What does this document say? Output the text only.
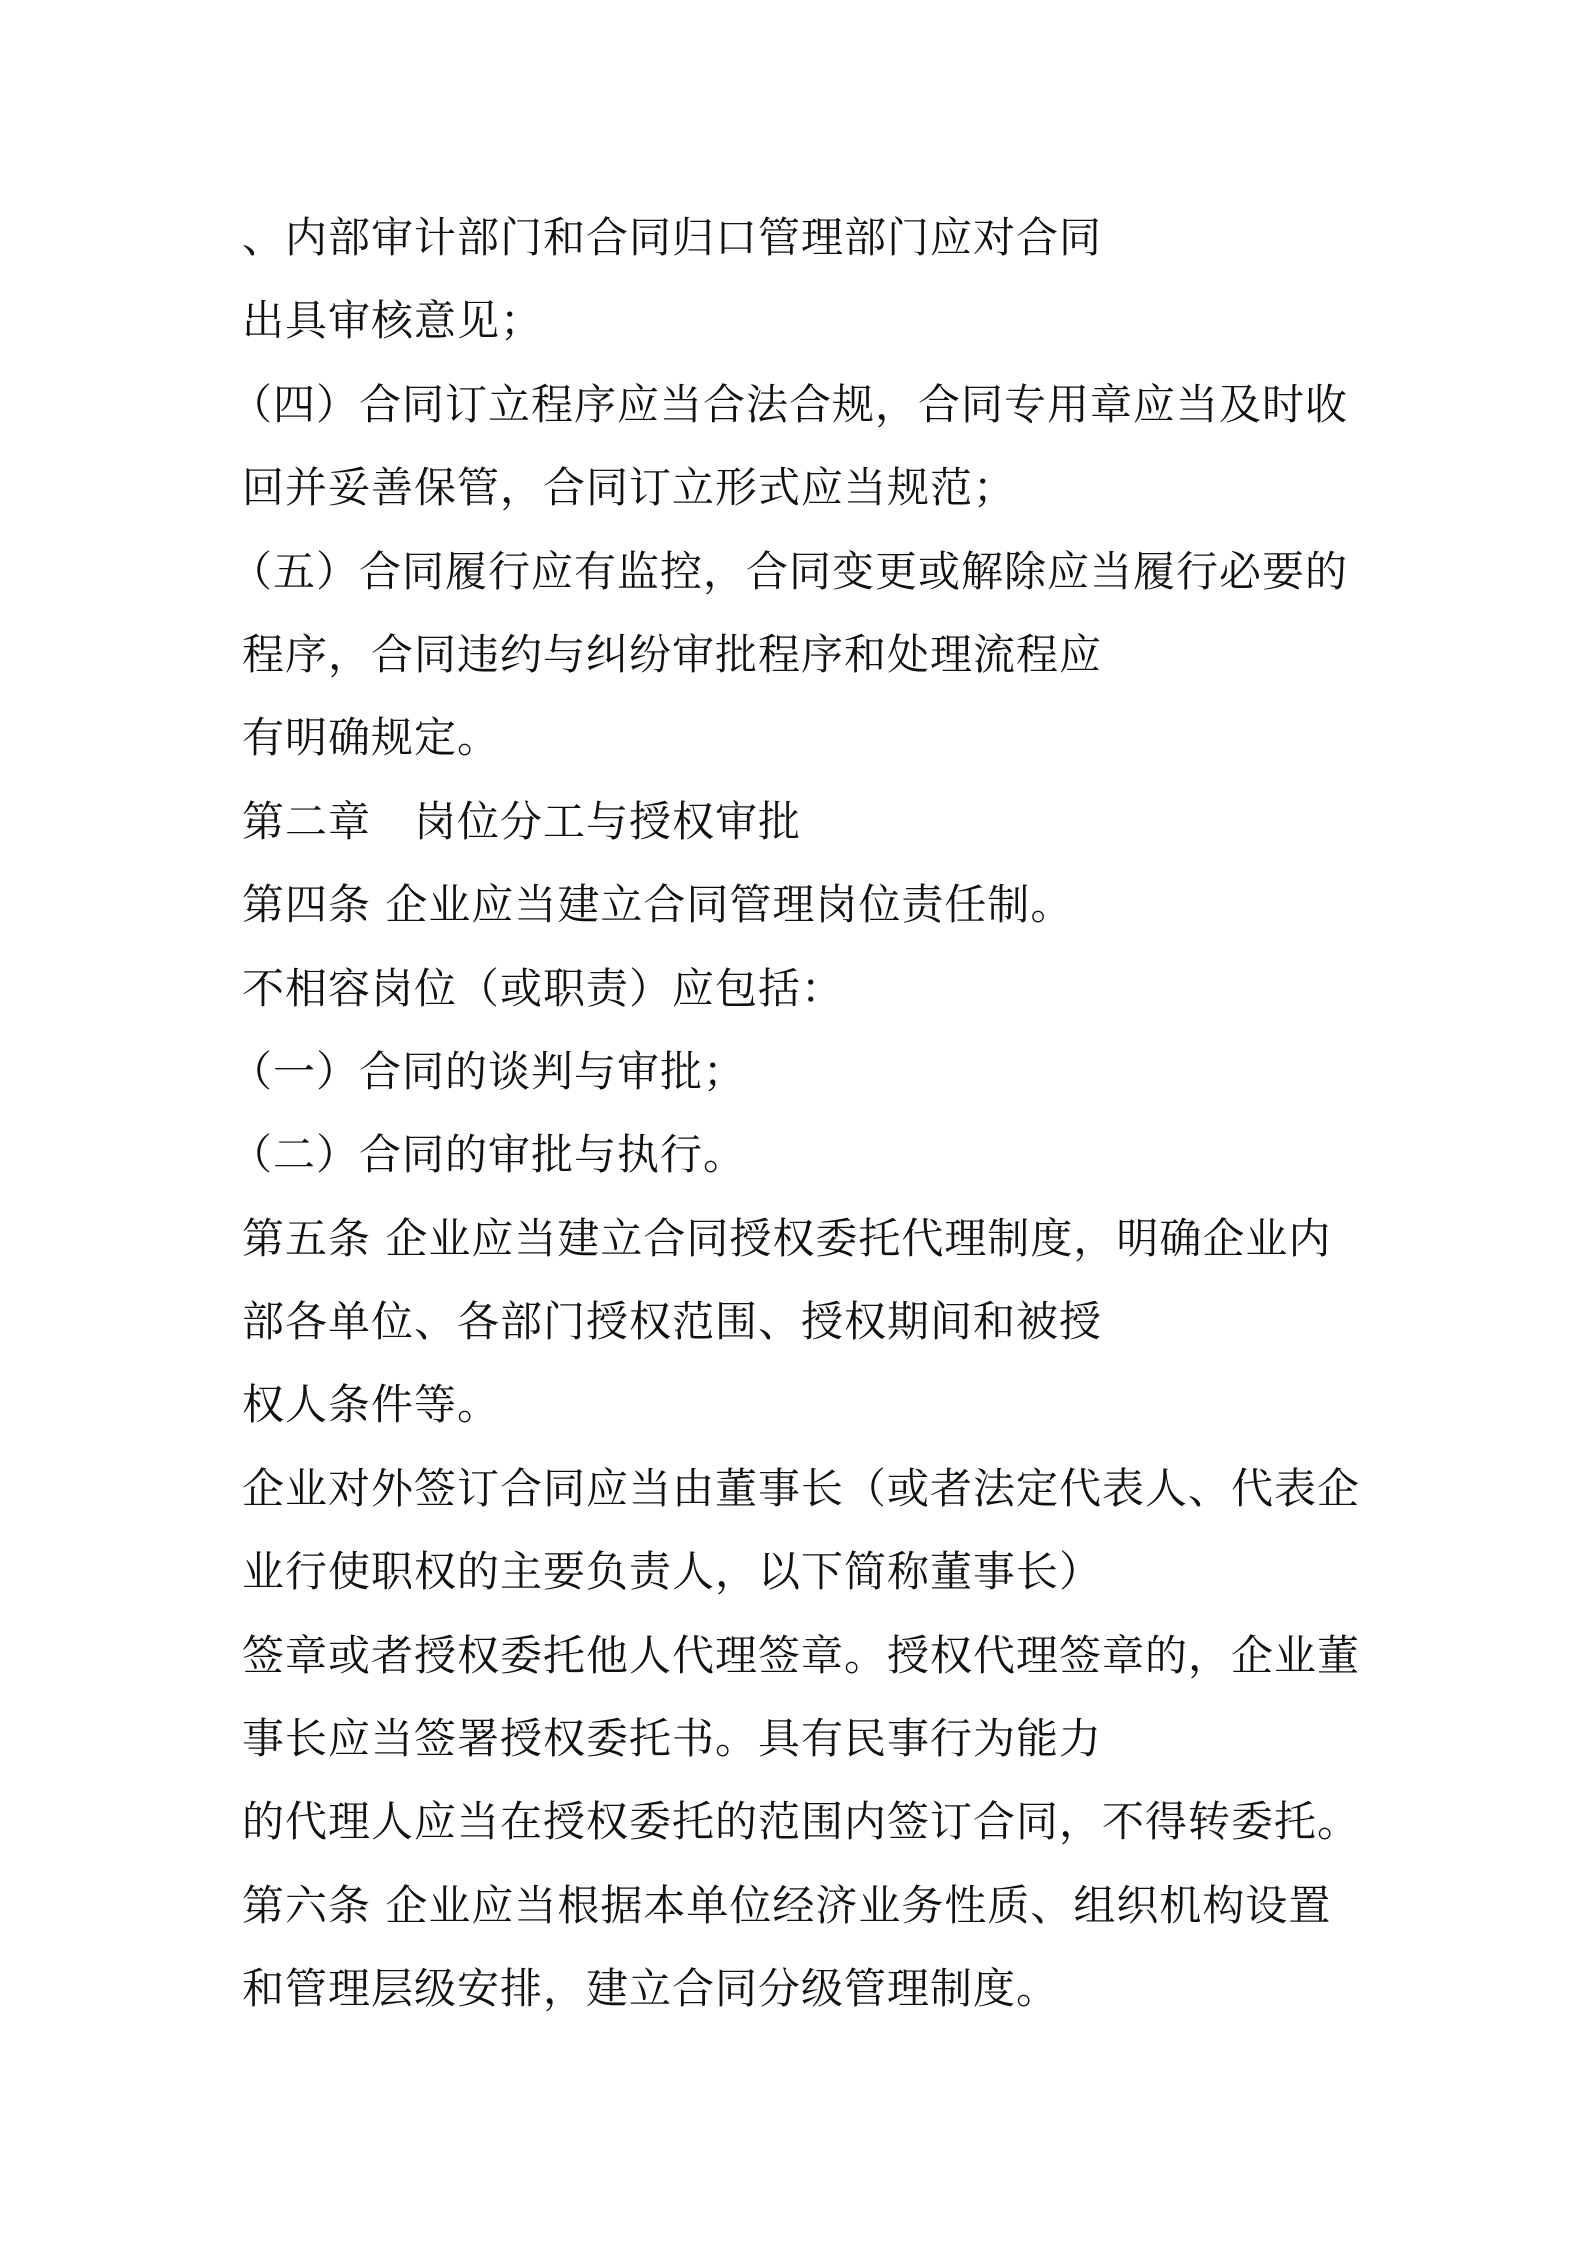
、内部审计部门和合同归口管理部门应对合同
出具审核意见；
（四）合同订立程序应当合法合规，合同专用章应当及时收
回并妥善保管，合同订立形式应当规范；
（五）合同履行应有监控，合同变更或解除应当履行必要的
程序，合同违约与纠纷审批程序和处理流程应
有明确规定。
第二章　岗位分工与授权审批
第四条 企业应当建立合同管理岗位责任制。
不相容岗位（或职责）应包括：
（一）合同的谈判与审批；
（二）合同的审批与执行。
第五条 企业应当建立合同授权委托代理制度，明确企业内
部各单位、各部门授权范围、授权期间和被授
权人条件等。
企业对外签订合同应当由董事长（或者法定代表人、代表企
业行使职权的主要负责人，以下简称董事长）
签章或者授权委托他人代理签章。授权代理签章的，企业董
事长应当签署授权委托书。具有民事行为能力
的代理人应当在授权委托的范围内签订合同，不得转委托。
第六条 企业应当根据本单位经济业务性质、组织机构设置
和管理层级安排，建立合同分级管理制度。
